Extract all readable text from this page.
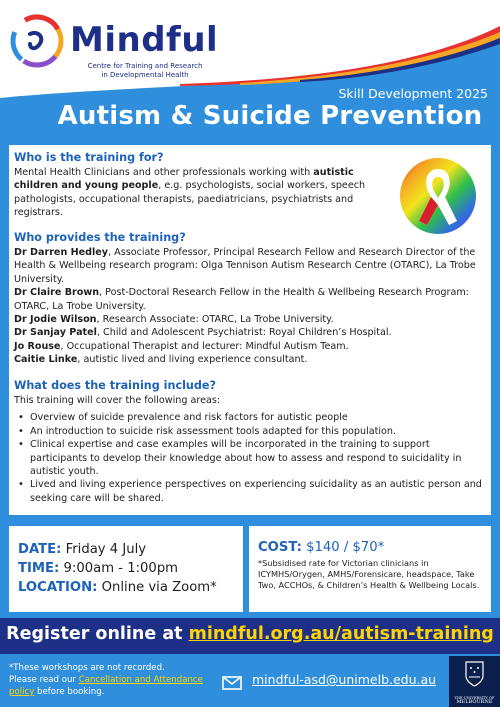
Mindful
Centre for Training and Research
in Developmental Health
Skill Development 2025
Autism & Suicide Prevention
Who is the training for?

Mental Health Clinicians and other professionals working with autistic children and young people, e.g. psychologists, social workers, speech pathologists, occupational therapists, paediatricians, psychiatrists and registrars.

Who provides the training?

Dr Darren Hedley, Associate Professor, Principal Research Fellow and Research Director of the Health & Wellbeing research program: Olga Tennison Autism Research Centre (OTARC), La Trobe University.

Dr Claire Brown, Post-Doctoral Research Fellow in the Health & Wellbeing Research Program: OTARC, La Trobe University.

Dr Jodie Wilson, Research Associate: OTARC, La Trobe University.

Dr Sanjay Patel, Child and Adolescent Psychiatrist: Royal Children’s Hospital.

Jo Rouse, Occupational Therapist and lecturer: Mindful Autism Team.

Caitie Linke, autistic lived and living experience consultant.

What does the training include?

This training will cover the following areas:

• Overview of suicide prevalence and risk factors for autistic people
• An introduction to suicide risk assessment tools adapted for this population.
• Clinical expertise and case examples will be incorporated in the training to support participants to develop their knowledge about how to assess and respond to suicidality in autistic youth.
• Lived and living experience perspectives on experiencing suicidality as an autistic person and seeking care will be shared.
DATE: Friday 4 July
TIME: 9:00am - 1:00pm
LOCATION: Online via Zoom*
COST: $140 / $70*
*Subsidised rate for Victorian clinicians in ICYMHS/Orygen, AMHS/Forensicare, headspace, Take Two, ACCHOs, & Children’s Health & Wellbeing Locals.
Register online at mindful.org.au/autism-training
*These workshops are not recorded.
Please read our Cancellation and Attendance policy before booking.
mindful-asd@unimelb.edu.au
THE UNIVERSITY OF
MELBOURNE
